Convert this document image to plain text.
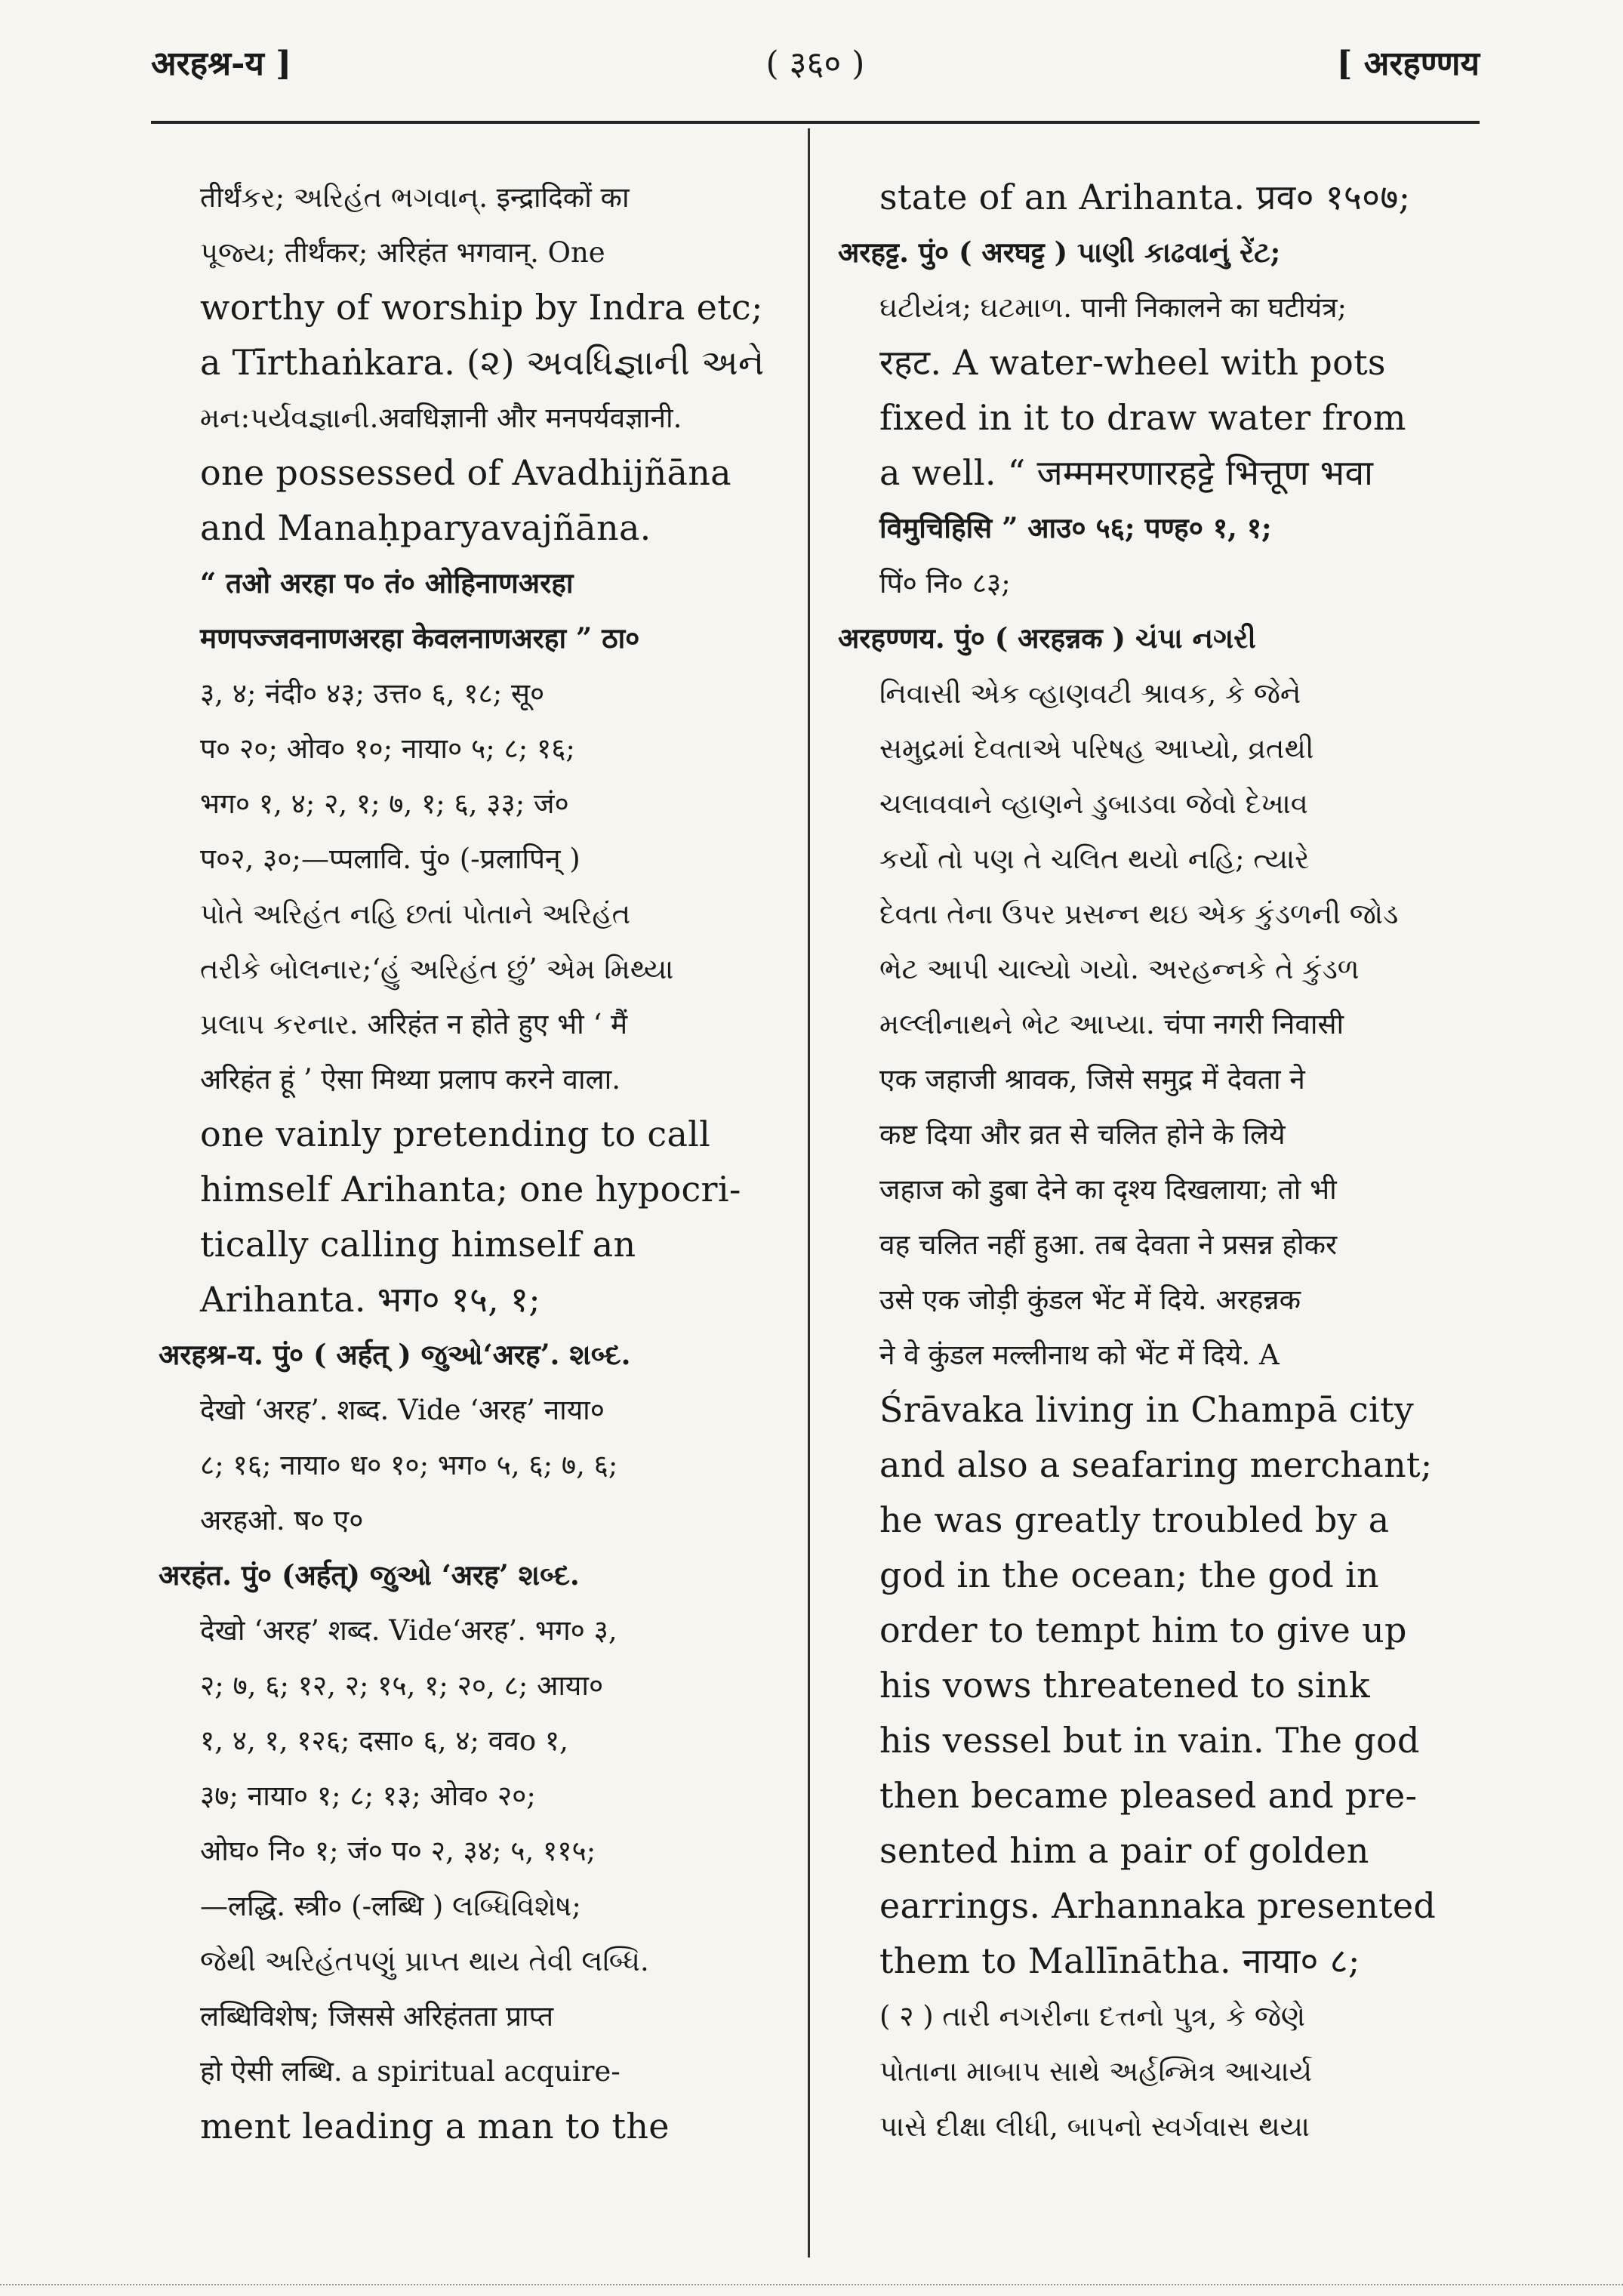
अरहश्र-य ]	( ३६० )	[ अरहण्णय

तीर्थंકર; અરિહંત ભગવાન્. इन्द्रादिकों का

પૂજ્ય; तीर्थंकर; अरिहंत भगवान्. One

worthy of worship by Indra etc;

a Tīrthaṅkara. (૨) અવધિજ્ઞાની અને

મન:પર્યવજ્ઞાની.अवधिज्ञानी और मनपर्यवज्ञानी.

one possessed of Avadhijñāna

and Manaḥparyavajñāna.

“ तओ अरहा प० तं० ओहिनाणअरहा

मणपज्जवनाणअरहा केवलनाणअरहा ” ठा०

३, ४; नंदी० ४३; उत्त० ६, १८; सू०

प० २०; ओव० १०; नाया० ५; ८; १६;

भग० १, ४; २, १; ७, १; ६, ३३; जं०

प०२, ३०;—प्पलावि. पुं० (-प्रलापिन् )

પોતે અરિહંત નહિ છતાં પોતાને અરિહંત

તરીકે બોલનાર;‘હું અરિહંત છું’ એમ મિથ્યા

પ્રલાપ કરનાર. अरिहंत न होते हुए भी ‘ मैं

अरिहंत हूं ’ ऐसा मिथ्या प्रलाप करने वाला.

one vainly pretending to call

himself Arihanta; one hypocri-

tically calling himself an

Arihanta. भग० १५, १;

अरहश्र-य. पुं० ( अर्हत् ) જુઓ‘अरह’. શબ્દ.

देखो ‘अरह’. शब्द. Vide ‘अरह’ नाया०

८; १६; नाया० ध० १०; भग० ५, ६; ७, ६;

अरहओ. ष० ए०

अरहंत. पुं० (अर्हत्) જુઓ ‘अरह’ શબ્દ.

देखो ‘अरह’ शब्द. Vide‘अरह’. भग० ३,

२; ७, ६; १२, २; १५, १; २०, ८; आया०

१, ४, १, १२६; दसा० ६, ४; ववo १,

३७; नाया० १; ८; १३; ओव० २०;

ओघ० नि० १; जं० प० २, ३४; ५, ११५;

—लद्धि. स्त्री० (-लब्धि ) લબ્ધિવિશેષ;

જેથી અરિહંતપણું પ્રાપ્ત થાય તેવી લબ્ધિ.

लब्धिविशेष; जिससे अरिहंतता प्राप्त

हो ऐसी लब्धि. a spiritual acquire-

ment leading a man to the

state of an Arihanta. प्रव० १५०७;

अरहट्ट. पुं० ( अरघट्ट ) પાણી કાઢવાનું રેંટ;

ઘટીયંત્ર; ઘટમાળ. पानी निकालने का घटीयंत्र;

रहट. A water-wheel with pots

fixed in it to draw water from

a well. “ जम्ममरणारहट्टे भित्तूण भवा

विमुचिहिसि ” आउ० ५६; पण्ह० १, १;

पिं० नि० ८३;

अरहण्णय. पुं० ( अरहन्नक ) ચંપા નગરી

નિવાસી એક વ્હાણવટી શ્રાવક, કે જેને

સમુદ્રમાં દેવતાએ પરિષહ આપ્યો, વ્રતથી

ચલાવવાને વ્હાણને ડુબાડવા જેવો દેખાવ

કર્યો તો પણ તે ચલિત થયો નહિ; ત્યારે

દેવતા તેના ઉપર પ્રસન્ન થઇ એક કુંડળની જોડ

ભેટ આપી ચાલ્યો ગયો. અરહન્નકે તે કુંડળ

મલ્લીનાથને ભેટ આપ્યા. चंपा नगरी निवासी

एक जहाजी श्रावक, जिसे समुद्र में देवता ने

कष्ट दिया और व्रत से चलित होने के लिये

जहाज को डुबा देने का दृश्य दिखलाया; तो भी

वह चलित नहीं हुआ. तब देवता ने प्रसन्न होकर

उसे एक जोड़ी कुंडल भेंट में दिये. अरहन्नक

ने वे कुंडल मल्लीनाथ को भेंट में दिये. A

Śrāvaka living in Champā city

and also a seafaring merchant;

he was greatly troubled by a

god in the ocean; the god in

order to tempt him to give up

his vows threatened to sink

his vessel but in vain. The god

then became pleased and pre-

sented him a pair of golden

earrings. Arhannaka presented

them to Mallīnātha. नाया० ८;

( २ ) તારી નગરીના દત્તનો પુત્ર, કે જેણે

પોતાના માબાપ સાથે અર્હન્મિત્ર આચાર્ય

પાસે દીક્ષા લીધી, બાપનો સ્વર્ગવાસ થયા
